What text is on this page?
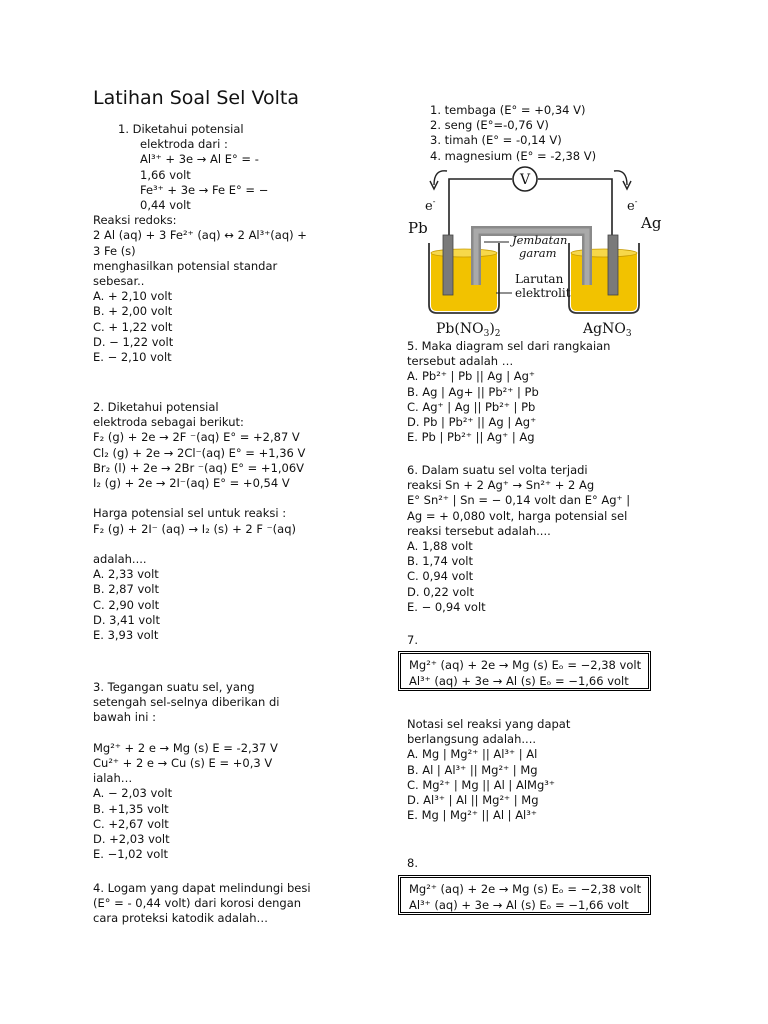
Latihan Soal Sel Volta
1. Diketahui potensial
elektroda dari :
Al³⁺ + 3e → Al E° = -
1,66 volt
Fe³⁺ + 3e → Fe E° = −
0,44 volt
Reaksi redoks:
2 Al (aq) + 3 Fe²⁺ (aq) ↔ 2 Al³⁺(aq) +
3 Fe (s)
menghasilkan potensial standar
sebesar..
A. + 2,10 volt
B. + 2,00 volt
C. + 1,22 volt
D. − 1,22 volt
E. − 2,10 volt
2. Diketahui potensial
elektroda sebagai berikut:
F₂ (g) + 2e → 2F ⁻(aq) E° = +2,87 V
Cl₂ (g) + 2e → 2Cl⁻(aq) E° = +1,36 V
Br₂ (l) + 2e → 2Br ⁻(aq) E° = +1,06V
I₂ (g) + 2e → 2I⁻(aq) E° = +0,54 V
Harga potensial sel untuk reaksi :
F₂ (g) + 2I⁻ (aq) → I₂ (s) + 2 F ⁻(aq)
adalah....
A. 2,33 volt
B. 2,87 volt
C. 2,90 volt
D. 3,41 volt
E. 3,93 volt
3. Tegangan suatu sel, yang
setengah sel-selnya diberikan di
bawah ini :
Mg²⁺ + 2 e → Mg (s) E = -2,37 V
Cu²⁺ + 2 e → Cu (s) E = +0,3 V
ialah…
A. − 2,03 volt
B. +1,35 volt
C. +2,67 volt
D. +2,03 volt
E. −1,02 volt
4. Logam yang dapat melindungi besi
(E° = - 0,44 volt) dari korosi dengan
cara proteksi katodik adalah…
1. tembaga (E° = +0,34 V)
2. seng (E°=-0,76 V)
3. timah (E° = -0,14 V)
4. magnesium (E° = -2,38 V)
V
e-	e-
Pb	Ag
Jembatan
garam
Larutan
elektrolit
$Pb(NO_3)_2$	AgNO$_3$
5. Maka diagram sel dari rangkaian
tersebut adalah …
A. Pb²⁺ | Pb || Ag | Ag⁺
B. Ag | Ag+ || Pb²⁺ | Pb
C. Ag⁺ | Ag || Pb²⁺ | Pb
D. Pb | Pb²⁺ || Ag | Ag⁺
E. Pb | Pb²⁺ || Ag⁺ | Ag
6. Dalam suatu sel volta terjadi
reaksi Sn + 2 Ag⁺ → Sn²⁺ + 2 Ag
E° Sn²⁺ | Sn = − 0,14 volt dan E° Ag⁺ |
Ag = + 0,080 volt, harga potensial sel
reaksi tersebut adalah....
A. 1,88 volt
B. 1,74 volt
C. 0,94 volt
D. 0,22 volt
E. − 0,94 volt
7.
Mg²⁺ (aq) + 2e → Mg (s) Eₒ = −2,38 volt
Al³⁺ (aq) + 3e → Al (s) Eₒ = −1,66 volt
Notasi sel reaksi yang dapat
berlangsung adalah....
A. Mg | Mg²⁺ || Al³⁺ | Al
B. Al | Al³⁺ || Mg²⁺ | Mg
C. Mg²⁺ | Mg || Al | AlMg³⁺
D. Al³⁺ | Al || Mg²⁺ | Mg
E. Mg | Mg²⁺ || Al | Al³⁺
8.
Mg²⁺ (aq) + 2e → Mg (s) Eₒ = −2,38 volt
Al³⁺ (aq) + 3e → Al (s) Eₒ = −1,66 volt
